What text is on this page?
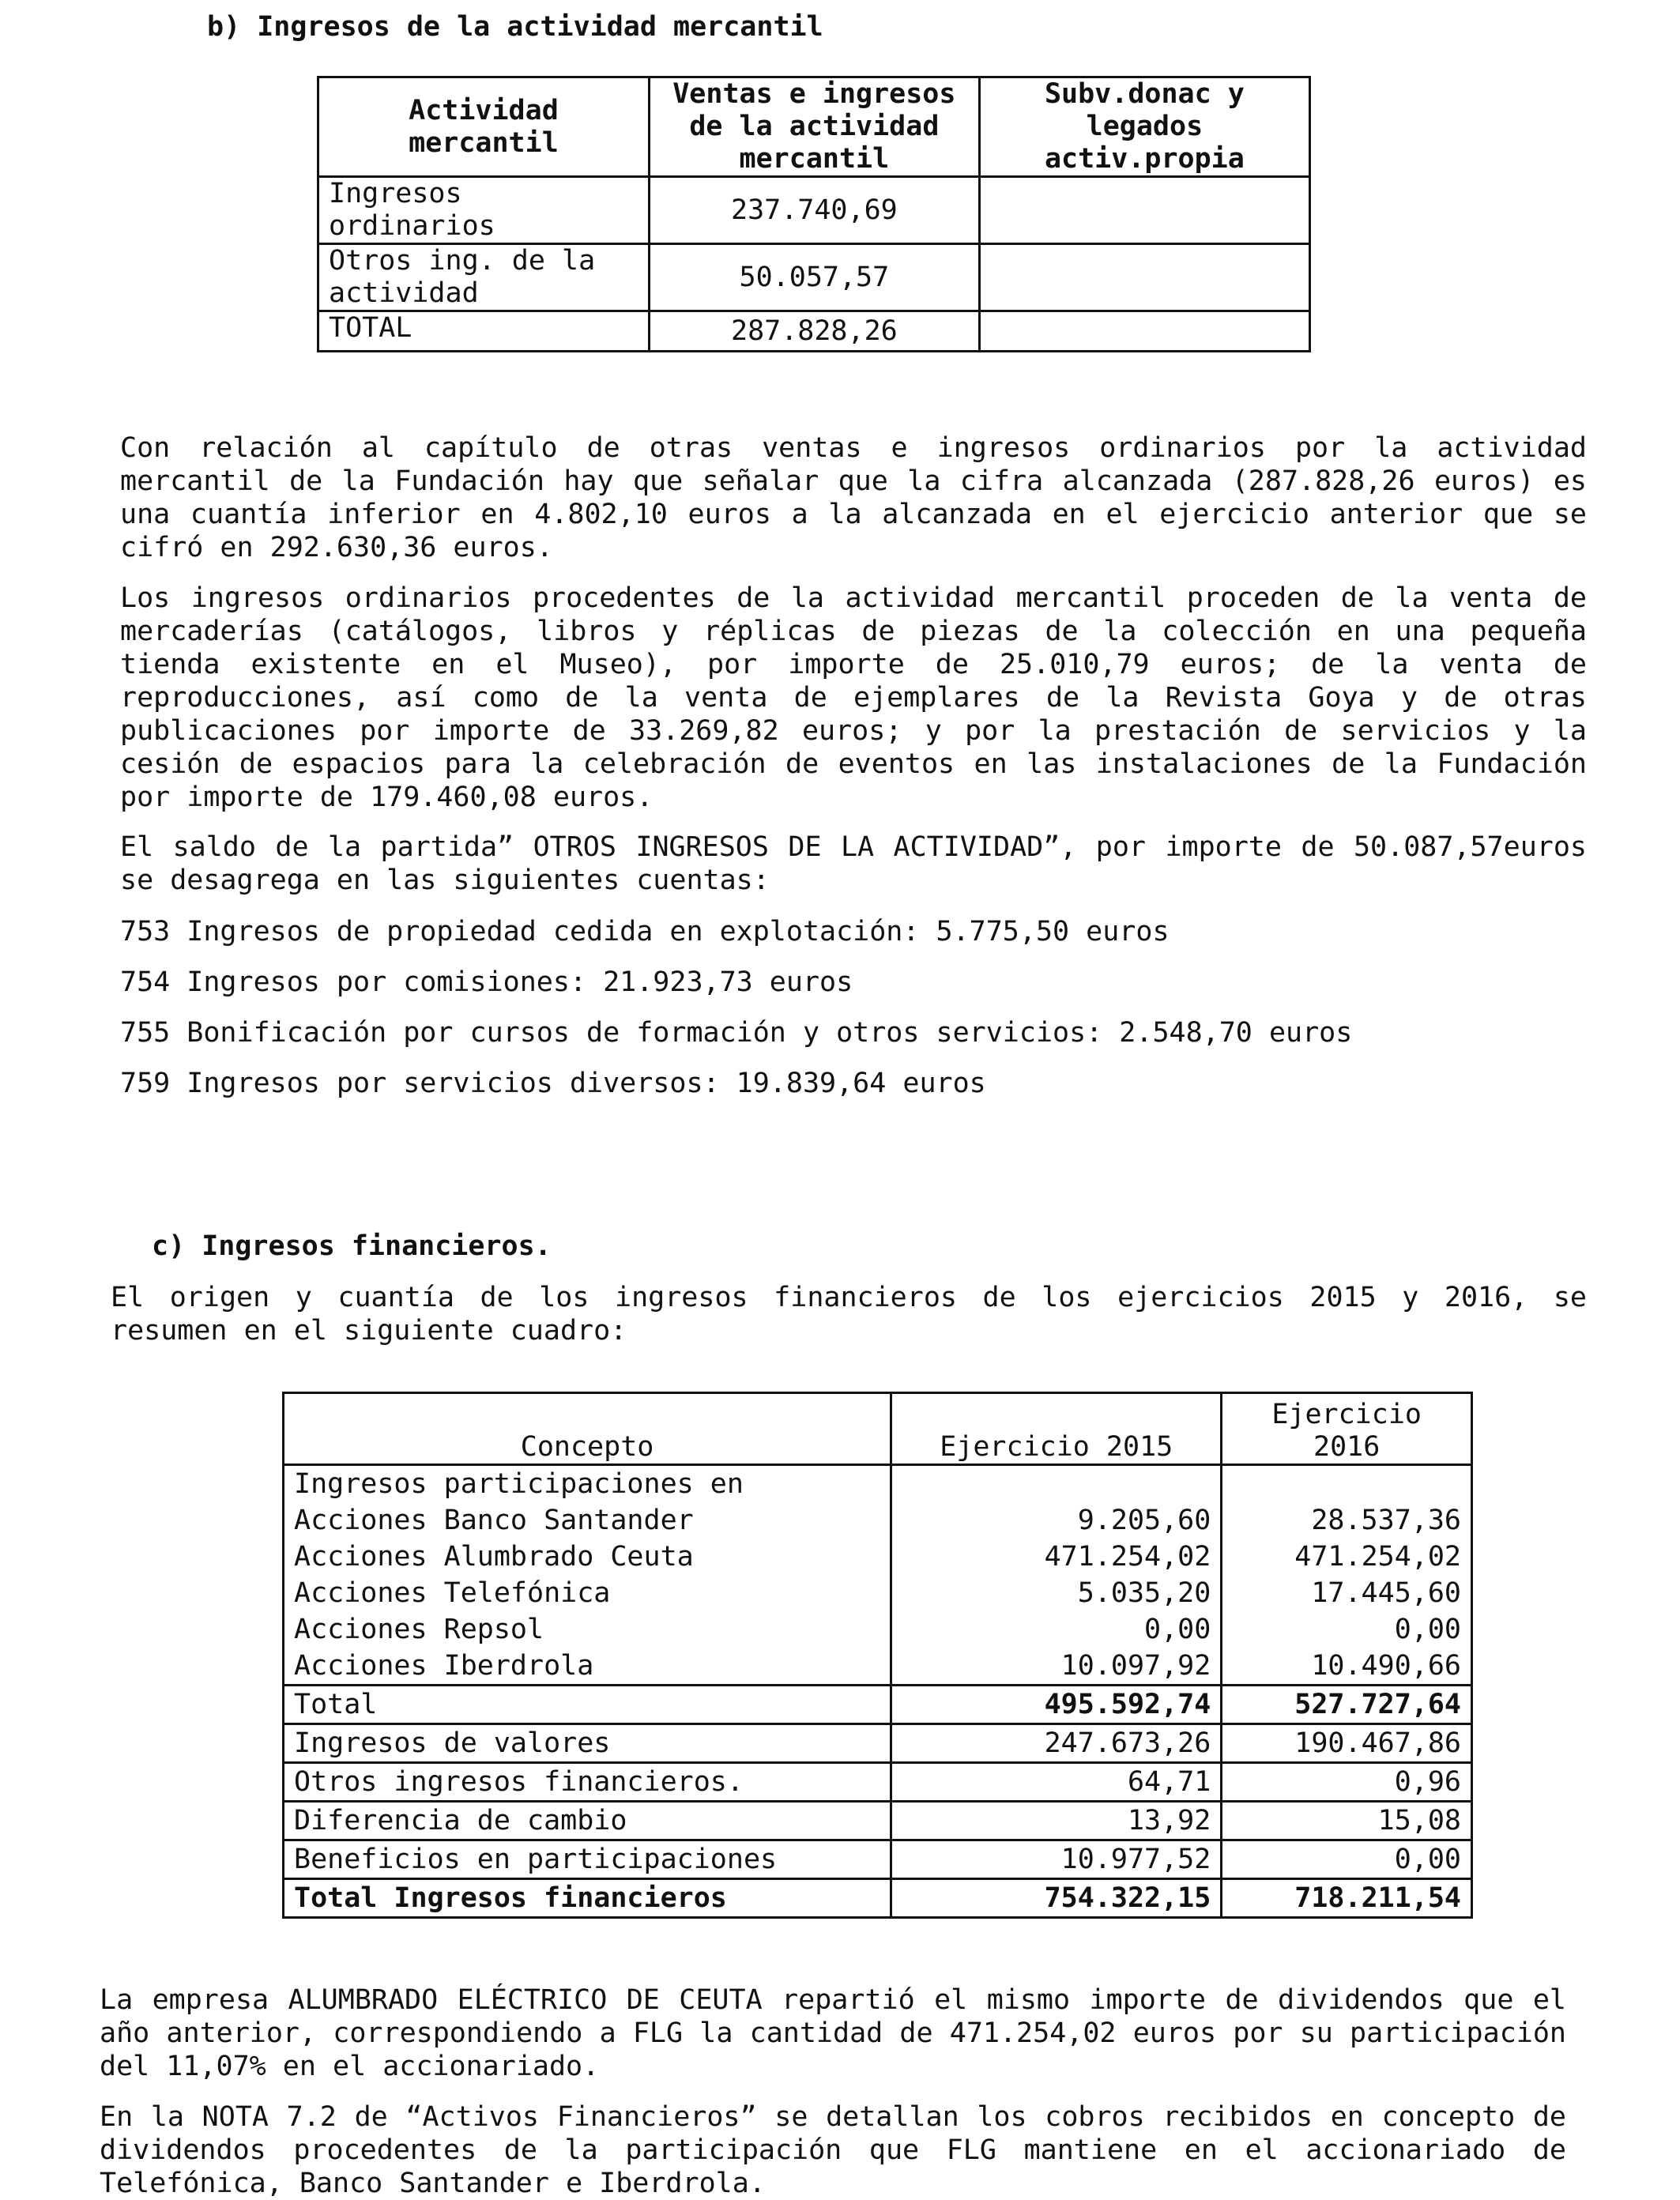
b) Ingresos de la actividad mercantil
Actividad mercantil	Ventas e ingresos de la actividad mercantil	Subv.donac y legados activ.propia
Ingresos ordinarios	237.740,69	
Otros ing. de la actividad	50.057,57	
TOTAL	287.828,26	
Con relación al capítulo de otras ventas e ingresos ordinarios por la actividad mercantil de la Fundación hay que señalar que la cifra alcanzada (287.828,26 euros) es una cuantía inferior en 4.802,10 euros a la alcanzada en el ejercicio anterior que se cifró en 292.630,36 euros.
Los ingresos ordinarios procedentes de la actividad mercantil proceden de la venta de mercaderías (catálogos, libros y réplicas de piezas de la colección en una pequeña tienda existente en el Museo), por importe de 25.010,79 euros; de la venta de reproducciones, así como de la venta de ejemplares de la Revista Goya y de otras publicaciones por importe de 33.269,82 euros; y por la prestación de servicios y la cesión de espacios para la celebración de eventos en las instalaciones de la Fundación por importe de 179.460,08 euros.
El saldo de la partida” OTROS INGRESOS DE LA ACTIVIDAD”, por importe de 50.087,57euros se desagrega en las siguientes cuentas:
753 Ingresos de propiedad cedida en explotación: 5.775,50 euros
754 Ingresos por comisiones: 21.923,73 euros
755 Bonificación por cursos de formación y otros servicios: 2.548,70 euros
759 Ingresos por servicios diversos: 19.839,64 euros
c) Ingresos financieros.
El origen y cuantía de los ingresos financieros de los ejercicios 2015 y 2016, se resumen en el siguiente cuadro:
Concepto	Ejercicio 2015	Ejercicio 2016
Ingresos participaciones en		
Acciones Banco Santander	9.205,60	28.537,36
Acciones Alumbrado Ceuta	471.254,02	471.254,02
Acciones Telefónica	5.035,20	17.445,60
Acciones Repsol	0,00	0,00
Acciones Iberdrola	10.097,92	10.490,66
Total	495.592,74	527.727,64
Ingresos de valores	247.673,26	190.467,86
Otros ingresos financieros.	64,71	0,96
Diferencia de cambio	13,92	15,08
Beneficios en participaciones	10.977,52	0,00
Total Ingresos financieros	754.322,15	718.211,54
La empresa ALUMBRADO ELÉCTRICO DE CEUTA repartió el mismo importe de dividendos que el año anterior, correspondiendo a FLG la cantidad de 471.254,02 euros por su participación del 11,07% en el accionariado.
En la NOTA 7.2 de “Activos Financieros” se detallan los cobros recibidos en concepto de dividendos procedentes de la participación que FLG mantiene en el accionariado de Telefónica, Banco Santander e Iberdrola.
